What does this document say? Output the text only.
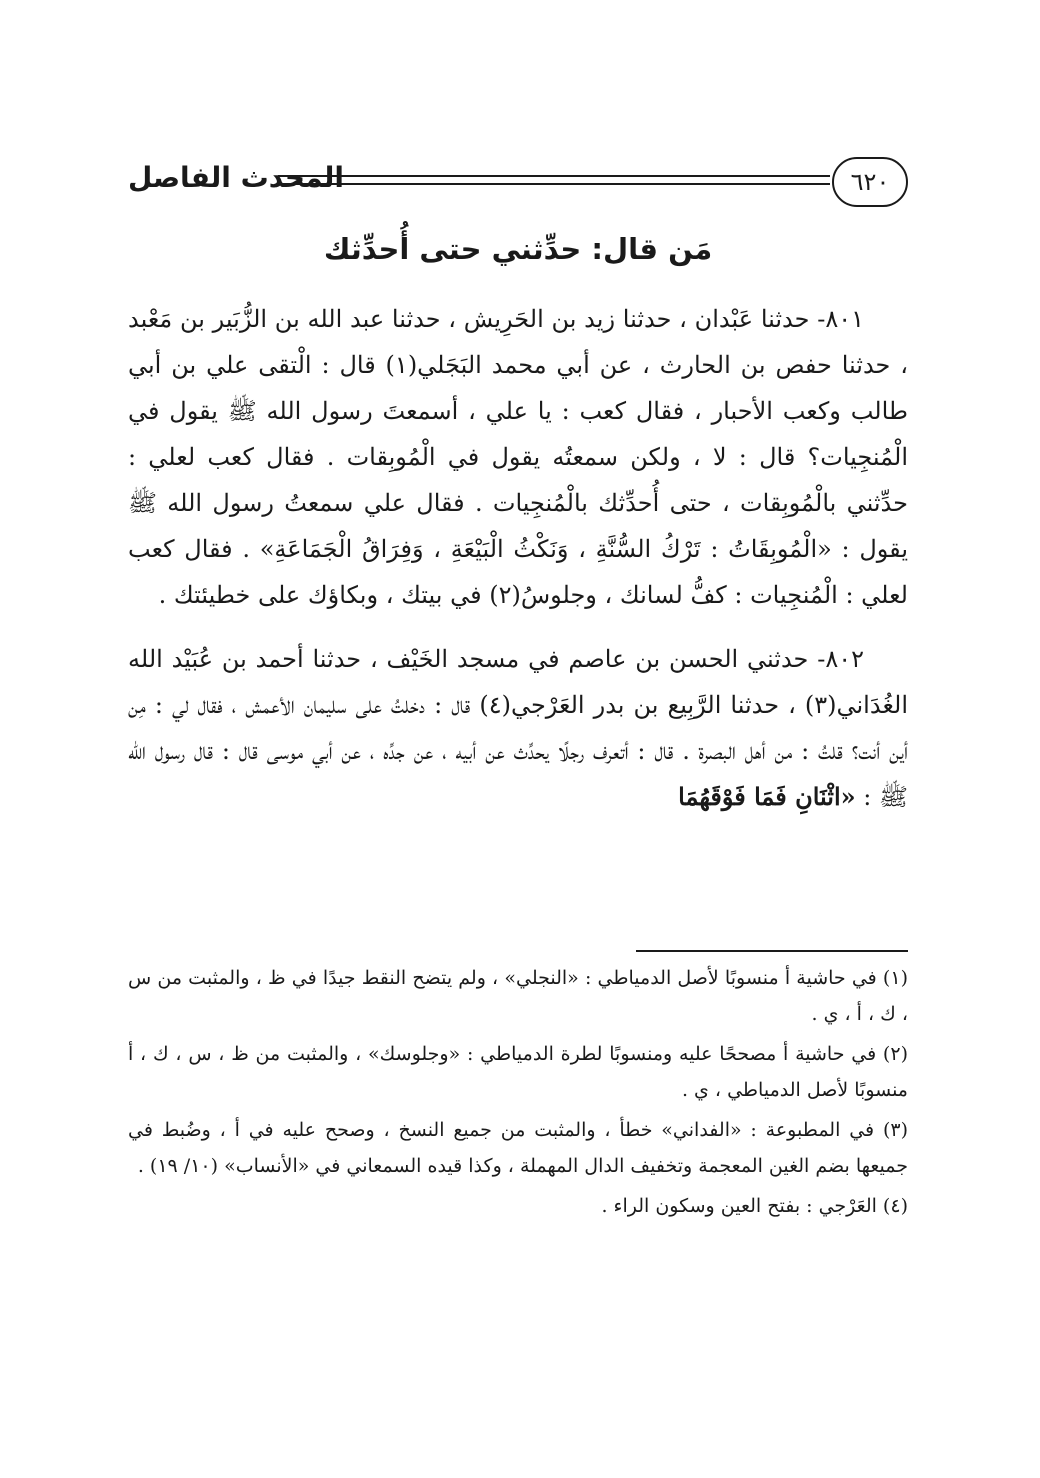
المحدث الفاصل	٦٢٠
مَن قال: حدِّثني حتى أُحدِّثك

٨٠١- حدثنا عَبْدان ، حدثنا زيد بن الحَرِيش ، حدثنا عبد الله بن الزُّبَير بن مَعْبد ، حدثنا حفص بن الحارث ، عن أبي محمد البَجَلي(١) قال : الْتقى علي بن أبي طالب وكعب الأحبار ، فقال كعب : يا علي ، أسمعتَ رسول الله ﷺ يقول في الْمُنجِيات؟ قال : لا ، ولكن سمعتُه يقول في الْمُوبِقات . فقال كعب لعلي : حدِّثني بالْمُوبِقات ، حتى أُحدِّثك بالْمُنجِيات . فقال علي سمعتُ رسول الله ﷺ يقول : «الْمُوبِقَاتُ : تَرْكُ السُّنَّةِ ، وَنَكْثُ الْبَيْعَةِ ، وَفِرَاقُ الْجَمَاعَةِ» . فقال كعب لعلي : الْمُنجِيات : كفُّ لسانك ، وجلوسُ(٢) في بيتك ، وبكاؤك على خطيئتك .

٨٠٢- حدثني الحسن بن عاصم في مسجد الخَيْف ، حدثنا أحمد بن عُبَيْد الله الغُدَاني(٣) ، حدثنا الرَّبِيع بن بدر العَرْجي(٤) قال : دخلتُ على سليمان الأعمش ، فقال لي : مِن أين أنت؟ قلتُ : من أهل البصرة . قال : أتعرف رجلًا يحدِّث عن أبيه ، عن جدِّه ، عن أبي موسى قال : قال رسول الله ﷺ : «اثْنَانِ فَمَا فَوْقَهُمَا

(١) في حاشية أ منسوبًا لأصل الدمياطي : «النجلي» ، ولم يتضح النقط جيدًا في ظ ، والمثبت من س ، ك ، أ ، ي .
(٢) في حاشية أ مصححًا عليه ومنسوبًا لطرة الدمياطي : «وجلوسك» ، والمثبت من ظ ، س ، ك ، أ منسوبًا لأصل الدمياطي ، ي .
(٣) في المطبوعة : «الفداني» خطأ ، والمثبت من جميع النسخ ، وصحح عليه في أ ، وضُبط في جميعها بضم الغين المعجمة وتخفيف الدال المهملة ، وكذا قيده السمعاني في «الأنساب» (١٠/ ١٩) .
(٤) العَرْجي : بفتح العين وسكون الراء .
